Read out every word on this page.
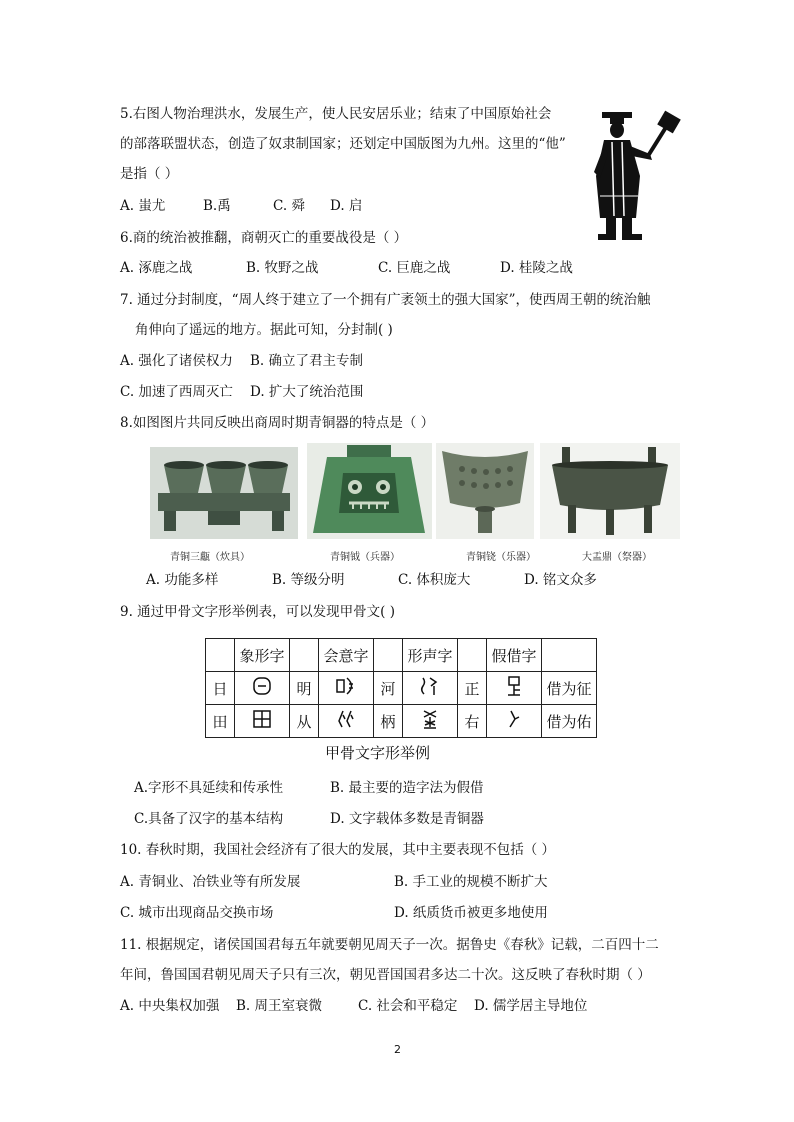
5.右图人物治理洪水，发展生产，使人民安居乐业；结束了中国原始社会
的部落联盟状态，创造了奴隶制国家；还划定中国版图为九州。这里的“他”
是指（ ）
A. 蚩尤	B.禹	C. 舜 D. 启
6.商的统治被推翻，商朝灭亡的重要战役是（ ）
A. 涿鹿之战	B. 牧野之战	C. 巨鹿之战	D. 桂陵之战
7. 通过分封制度，“周人终于建立了一个拥有广袤领土的强大国家”，使西周王朝的统治触
角伸向了遥远的地方。据此可知，分封制( )
A. 强化了诸侯权力 B. 确立了君主专制
C. 加速了西周灭亡 D. 扩大了统治范围
8.如图图片共同反映出商周时期青铜器的特点是（ ）
青铜三甗（炊具）	青铜钺（兵器）	青铜铙（乐器）	大盂鼎（祭器）
A. 功能多样	B. 等级分明	C. 体积庞大	D. 铭文众多
9. 通过甲骨文字形举例表，可以发现甲骨文( )
	象形字		会意字		形声字		假借字	
日		明		河		正		借为征
田		从		柄		右		借为佑
甲骨文字形举例
A.字形不具延续和传承性	B. 最主要的造字法为假借
C.具备了汉字的基本结构	D. 文字载体多数是青铜器
10. 春秋时期，我国社会经济有了很大的发展，其中主要表现不包括（ ）
A. 青铜业、冶铁业等有所发展	B. 手工业的规模不断扩大
C. 城市出现商品交换市场	D. 纸质货币被更多地使用
11. 根据规定，诸侯国国君每五年就要朝见周天子一次。据鲁史《春秋》记载，二百四十二
年间，鲁国国君朝见周天子只有三次，朝见晋国国君多达二十次。这反映了春秋时期（ ）
A. 中央集权加强 B. 周王室衰微	C. 社会和平稳定 D. 儒学居主导地位
2
